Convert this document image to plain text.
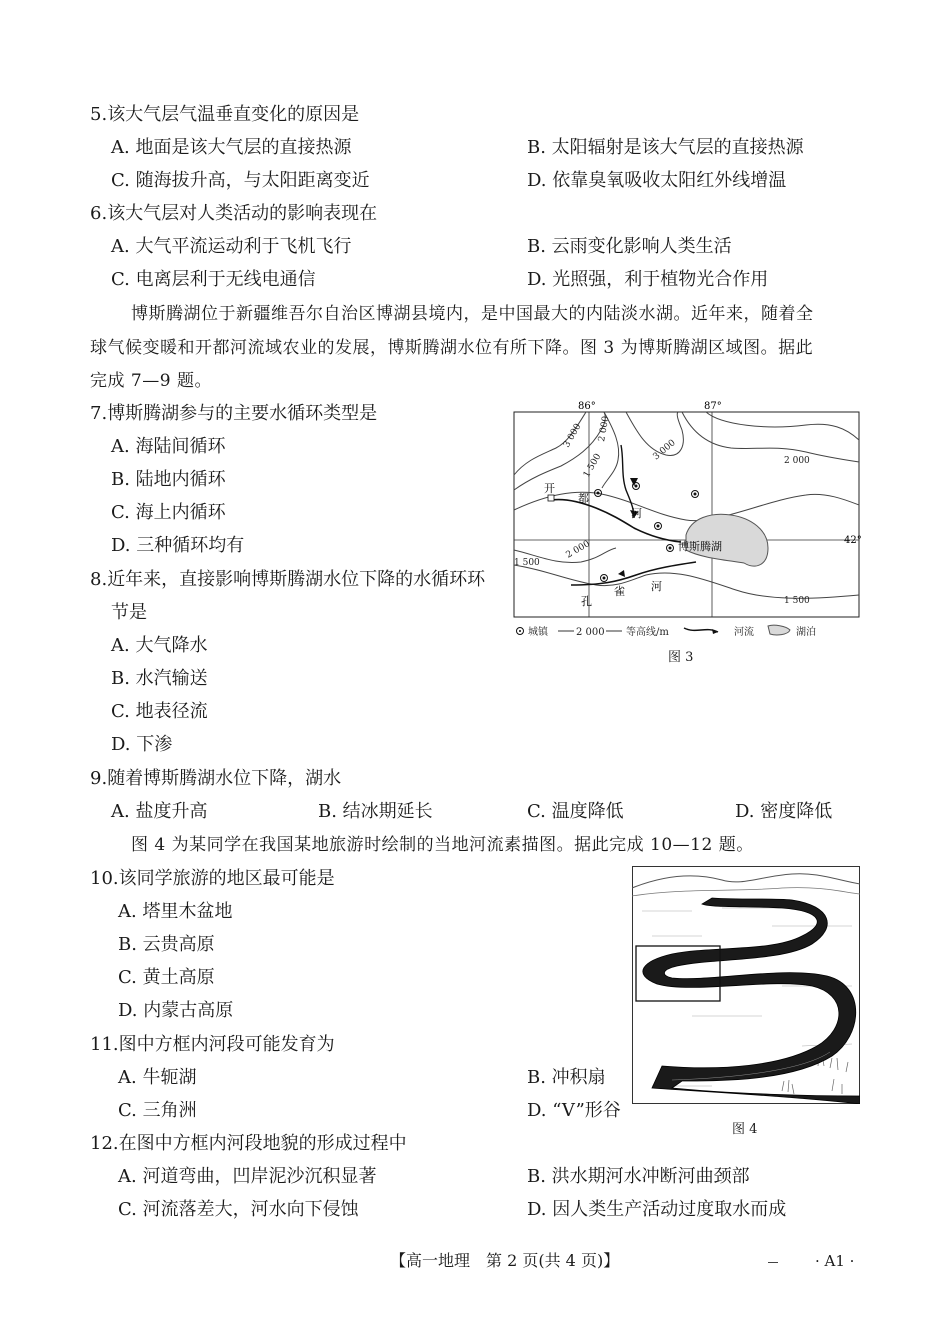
5.该大气层气温垂直变化的原因是
A. 地面是该大气层的直接热源	B. 太阳辐射是该大气层的直接热源
C. 随海拔升高，与太阳距离变近	D. 依靠臭氧吸收太阳红外线增温
6.该大气层对人类活动的影响表现在
A. 大气平流运动利于飞机飞行	B. 云雨变化影响人类生活
C. 电离层利于无线电通信	D. 光照强，利于植物光合作用
博斯腾湖位于新疆维吾尔自治区博湖县境内，是中国最大的内陆淡水湖。近年来，随着全
球气候变暖和开都河流域农业的发展，博斯腾湖水位有所下降。图 3 为博斯腾湖区域图。据此
完成 7—9 题。
7.博斯腾湖参与的主要水循环类型是
A. 海陆间循环
B. 陆地内循环
C. 海上内循环
D. 三种循环均有
8.近年来，直接影响博斯腾湖水位下降的水循环环
节是
A. 大气降水
B. 水汽输送
C. 地表径流
D. 下渗
9.随着博斯腾湖水位下降，湖水
A. 盐度升高	B. 结冰期延长	C. 温度降低	D. 密度降低
图 4 为某同学在我国某地旅游时绘制的当地河流素描图。据此完成 10—12 题。
10.该同学旅游的地区最可能是
A. 塔里木盆地
B. 云贵高原
C. 黄土高原
D. 内蒙古高原
11.图中方框内河段可能发育为
A. 牛轭湖	B. 冲积扇
C. 三角洲	D. “V”形谷
12.在图中方框内河段地貌的形成过程中
A. 河道弯曲，凹岸泥沙沉积显著	B. 洪水期河水冲断河曲颈部
C. 河流落差大，河水向下侵蚀	D. 因人类生产活动过度取水而成
86°	87°
42°
3 000 2 000
3 000
1 500	2 000
2 000
1 500
1 500
博斯腾湖
开
都
河
孔
雀 河
城镇	2 000 等高线/m	河流	湖泊
图 3
图 4
【高一地理　第 2 页(共 4 页)】	· A1 ·
